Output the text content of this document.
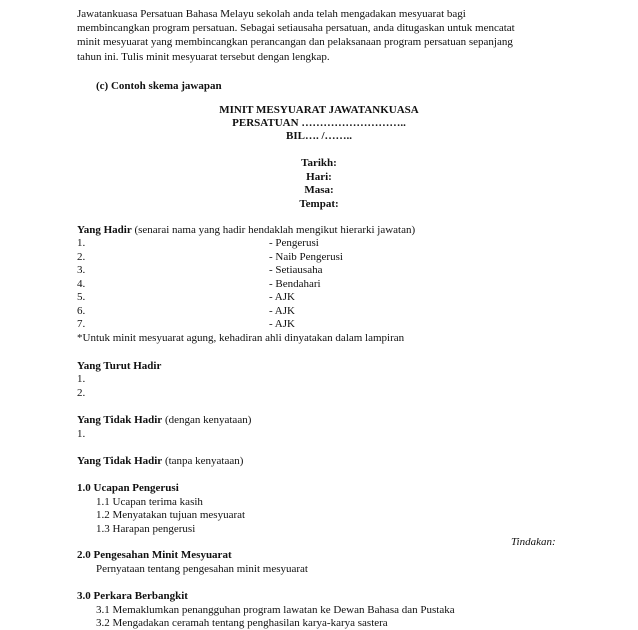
Jawatankuasa Persatuan Bahasa Melayu sekolah anda telah mengadakan mesyuarat bagi
membincangkan program persatuan. Sebagai setiausaha persatuan, anda ditugaskan untuk mencatat
minit mesyuarat yang membincangkan perancangan dan pelaksanaan program persatuan sepanjang
tahun ini. Tulis minit mesyuarat tersebut dengan lengkap.

(c) Contoh skema jawapan
MINIT MESYUARAT JAWATANKUASA
PERSATUAN ………………………..
BIL…. /……..
Tarikh:
Hari:
Masa:
Tempat:
Yang Hadir (senarai nama yang hadir hendaklah mengikut hierarki jawatan)
1.	- Pengerusi
2.	- Naib Pengerusi
3.	- Setiausaha
4.	- Bendahari
5.	- AJK
6.	- AJK
7.	- AJK
*Untuk minit mesyuarat agung, kehadiran ahli dinyatakan dalam lampiran
Yang Turut Hadir
1.
2.
Yang Tidak Hadir (dengan kenyataan)
1.
Yang Tidak Hadir (tanpa kenyataan)
1.0 Ucapan Pengerusi
1.1 Ucapan terima kasih
1.2 Menyatakan tujuan mesyuarat
1.3 Harapan pengerusi
Tindakan:
2.0 Pengesahan Minit Mesyuarat
Pernyataan tentang pengesahan minit mesyuarat
3.0 Perkara Berbangkit
3.1 Memaklumkan penangguhan program lawatan ke Dewan Bahasa dan Pustaka
3.2 Mengadakan ceramah tentang penghasilan karya-karya sastera
